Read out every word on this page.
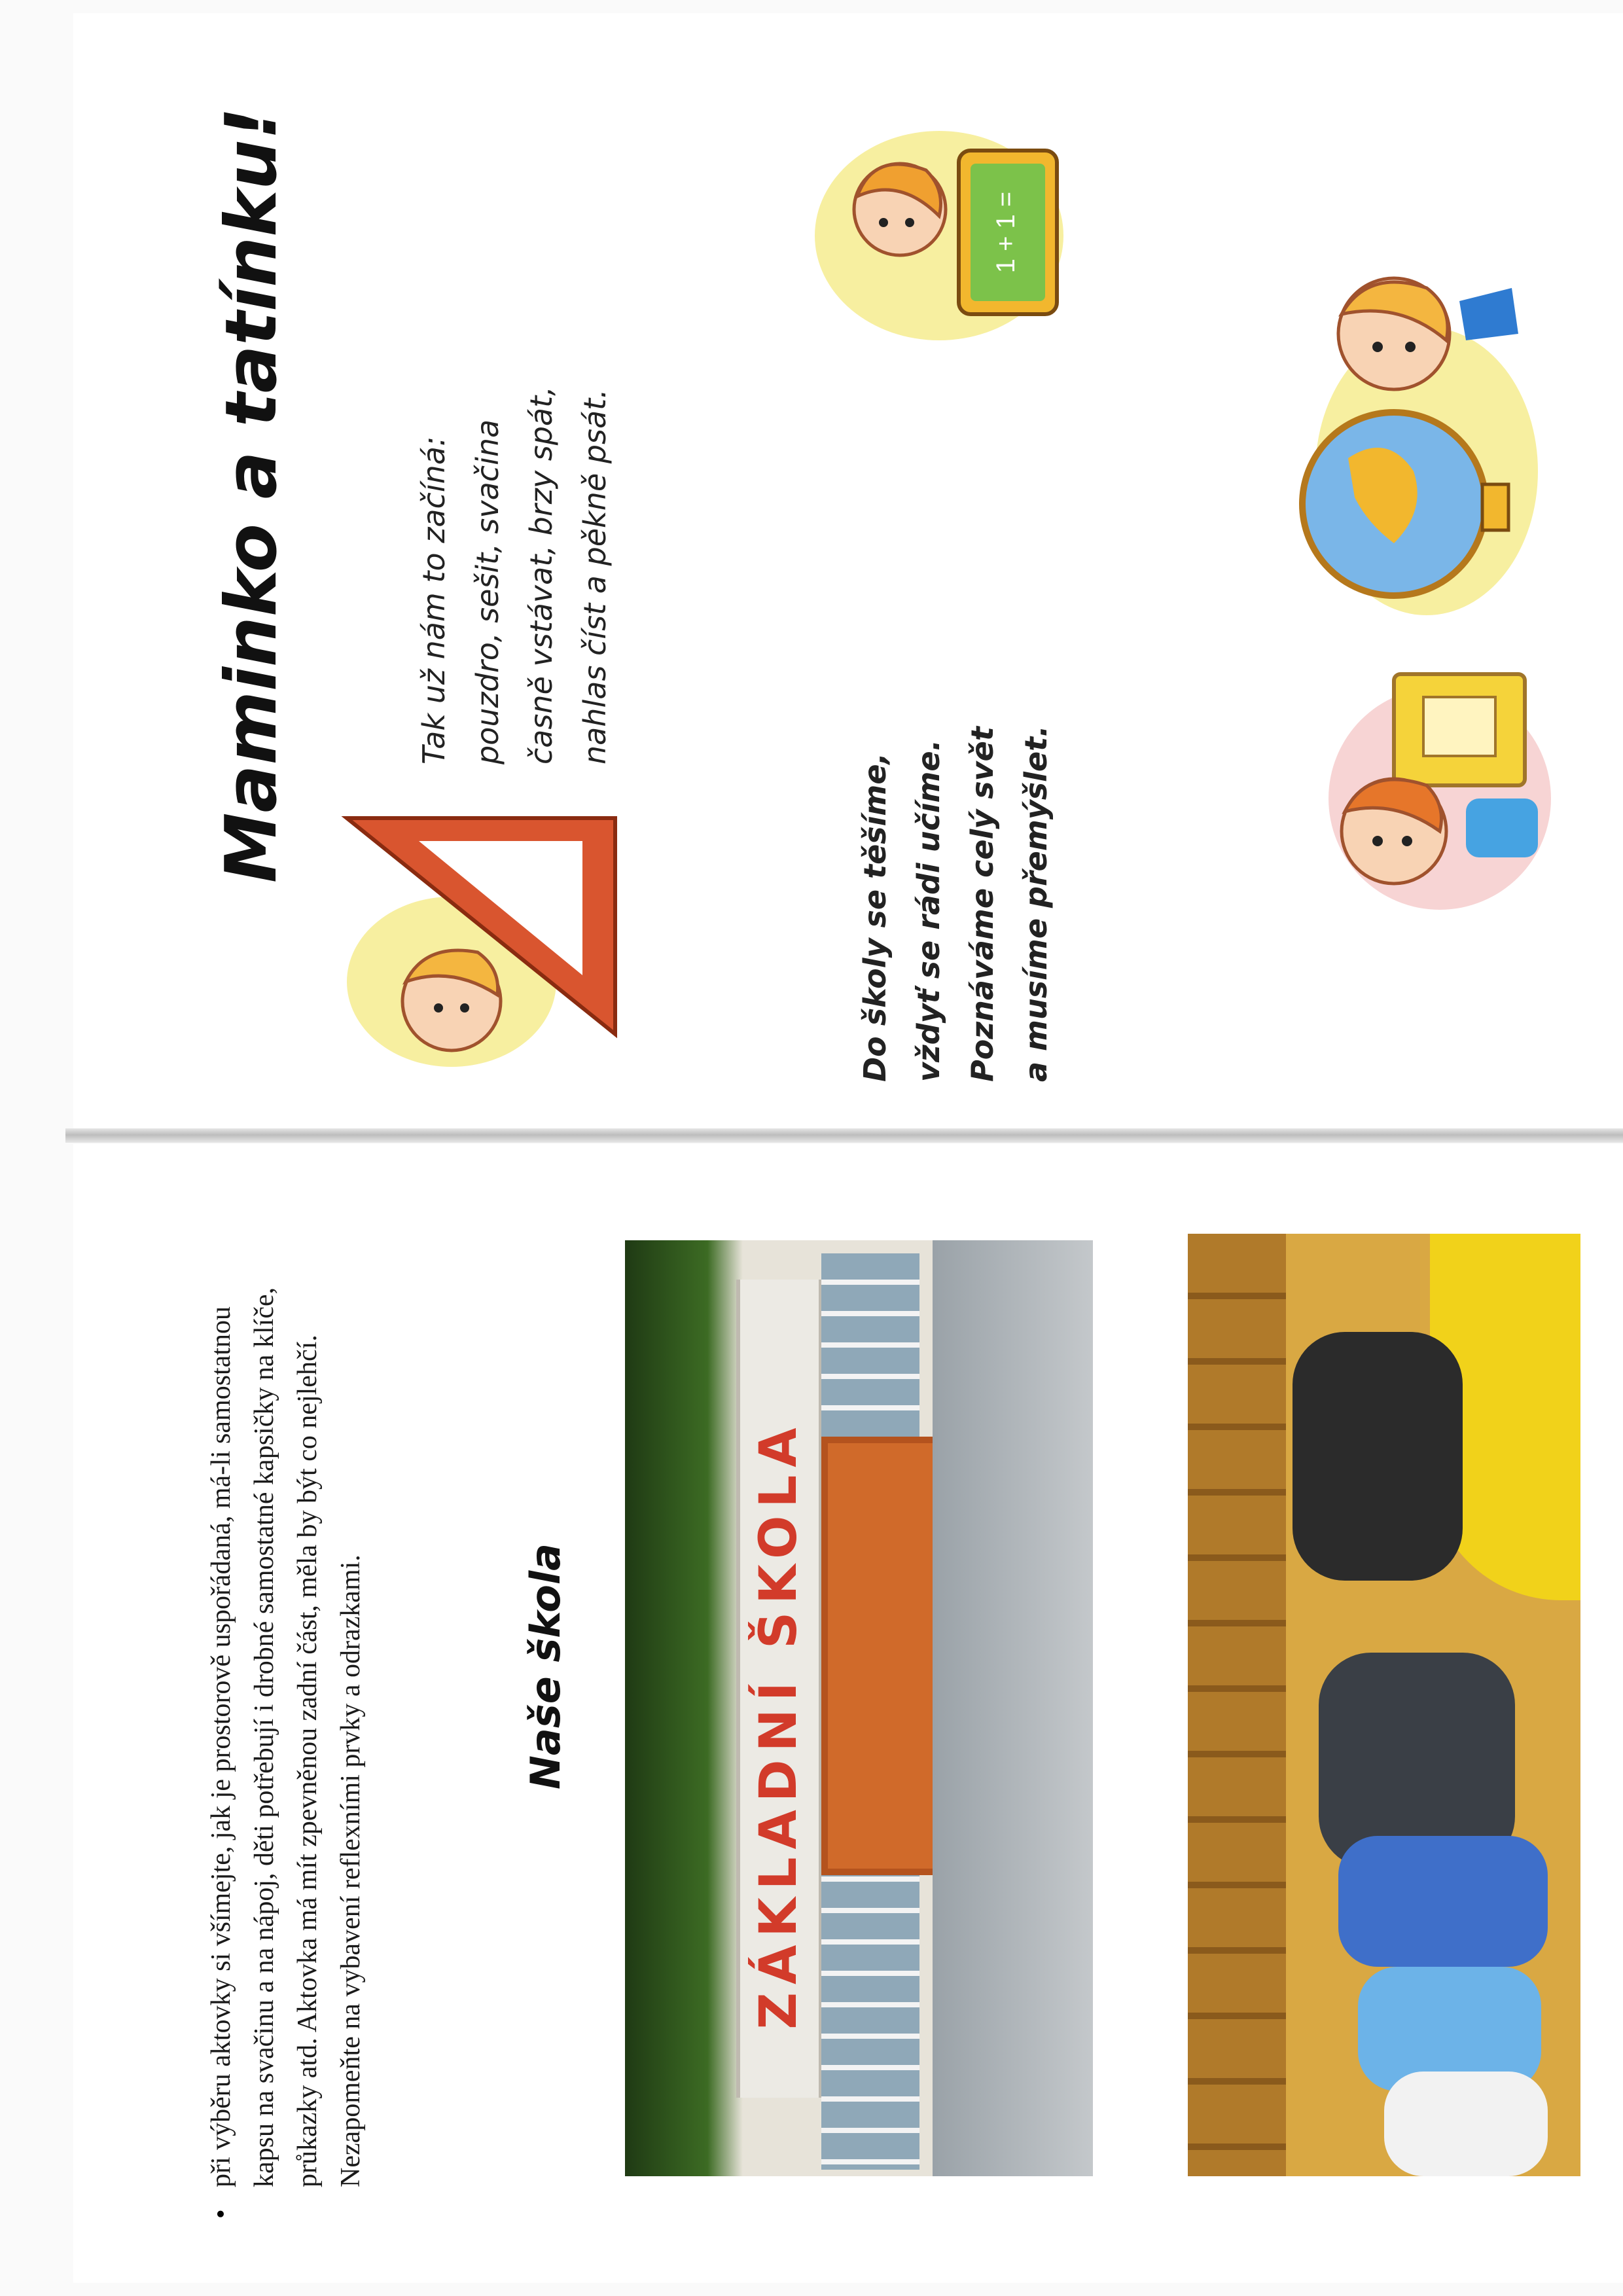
Maminko a tatínku!	Tak už nám to začíná:
pouzdro, sešit, svačina
časně vstávat, brzy spát,
nahlas číst a pěkně psát.
Do školy se těšíme,
vždyť se rádi učíme.
Poznáváme celý svět
a musíme přemýšlet.
1 + 1 =
•
při výběru aktovky si všímejte, jak je prostorově uspořádaná, má-li samostatnou kapsu na svačinu a na nápoj, děti potřebují i drobné samostatné kapsičky na klíče, průkazky atd. Aktovka má mít zpevněnou zadní část, měla by být co nejlehčí. Nezapomeňte na vybavení reflexními prvky a odrazkami.	Naše škola	ZÁKLADNÍ ŠKOLA
